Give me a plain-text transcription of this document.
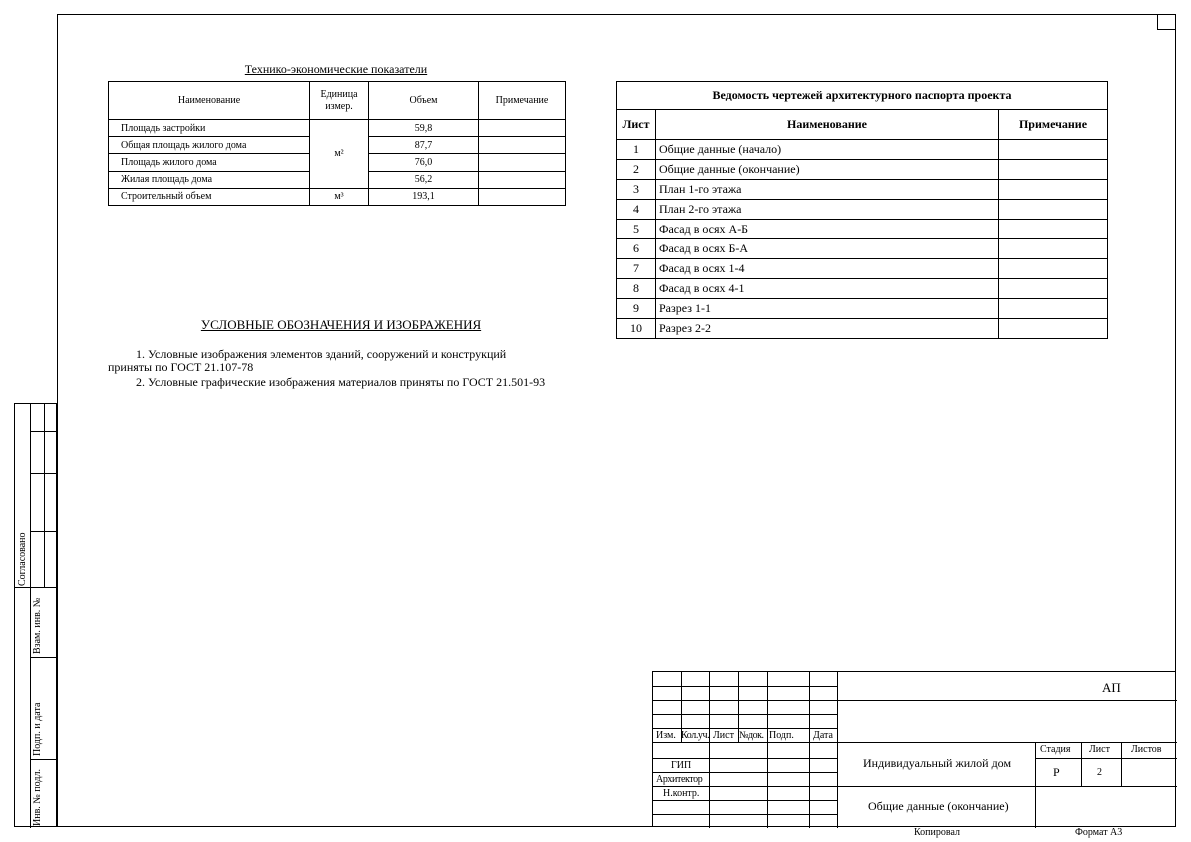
Технико-экономические показатели
Наименование	Единица измер.	Объем	Примечание
Площадь застройки	м²	59,8	
Общая площадь жилого дома		87,7	
Площадь жилого дома		76,0	
Жилая площадь дома		56,2	
Строительный объем	м³	193,1	
Ведомость чертежей архитектурного паспорта проекта		
Лист	Наименование	Примечание
1	Общие данные (начало)	
2	Общие данные (окончание)	
3	План 1-го этажа	
4	План 2-го этажа	
5	Фасад в осях А-Б	
6	Фасад в осях Б-А	
7	Фасад в осях 1-4	
8	Фасад в осях 4-1	
9	Разрез 1-1	
10	Разрез 2-2	
УСЛОВНЫЕ ОБОЗНАЧЕНИЯ И ИЗОБРАЖЕНИЯ
1. Условные изображения элементов зданий, сооружений и конструкций
приняты по ГОСТ 21.107-78
2. Условные графические изображения материалов приняты по ГОСТ 21.501-93
Согласовано
Взам. инв. №
Подп. и дата
Инв. № подл.
Изм. Кол.уч. Лист №док. Подп. Дата
ГИП
Архитектор
Н.контр.
АП
Индивидуальный жилой дом
Общие данные (окончание)
Стадия Лист Листов
Р	2
Копировал	Формат А3
